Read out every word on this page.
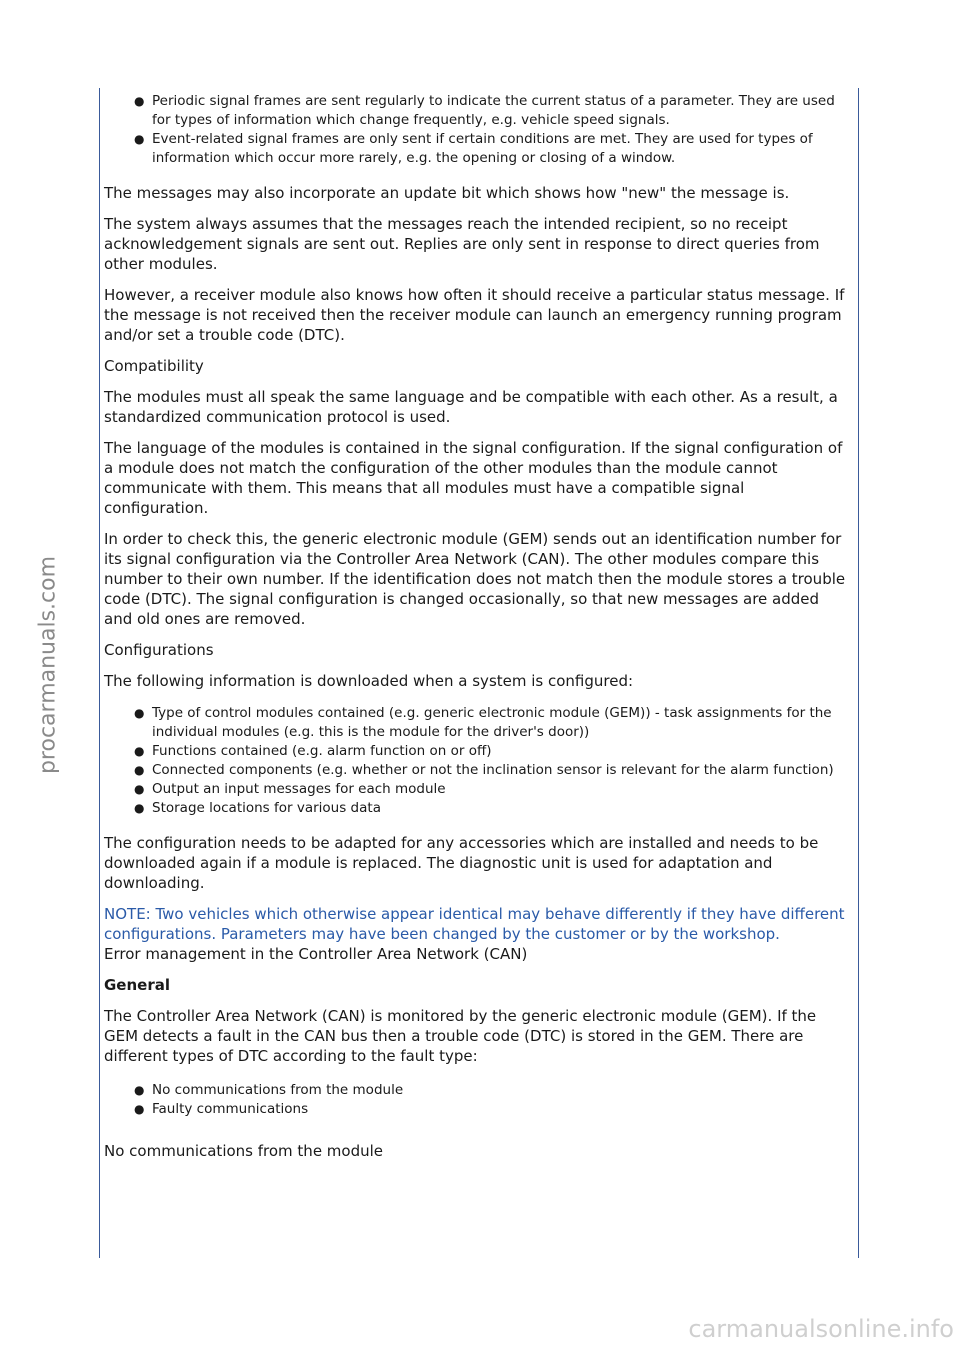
procarmanuals.com
● Periodic signal frames are sent regularly to indicate the current status of a parameter. They are used for types of information which change frequently, e.g. vehicle speed signals.
● Event-related signal frames are only sent if certain conditions are met. They are used for types of information which occur more rarely, e.g. the opening or closing of a window.

The messages may also incorporate an update bit which shows how "new" the message is.

The system always assumes that the messages reach the intended recipient, so no receipt acknowledgement signals are sent out. Replies are only sent in response to direct queries from other modules.

However, a receiver module also knows how often it should receive a particular status message. If the message is not received then the receiver module can launch an emergency running program and/or set a trouble code (DTC).

Compatibility

The modules must all speak the same language and be compatible with each other. As a result, a standardized communication protocol is used.

The language of the modules is contained in the signal configuration. If the signal configuration of a module does not match the configuration of the other modules than the module cannot communicate with them. This means that all modules must have a compatible signal configuration.

In order to check this, the generic electronic module (GEM) sends out an identification number for its signal configuration via the Controller Area Network (CAN). The other modules compare this number to their own number. If the identification does not match then the module stores a trouble code (DTC). The signal configuration is changed occasionally, so that new messages are added and old ones are removed.

Configurations

The following information is downloaded when a system is configured:

● Type of control modules contained (e.g. generic electronic module (GEM)) - task assignments for the individual modules (e.g. this is the module for the driver's door))
● Functions contained (e.g. alarm function on or off)
● Connected components (e.g. whether or not the inclination sensor is relevant for the alarm function)
● Output an input messages for each module
● Storage locations for various data

The configuration needs to be adapted for any accessories which are installed and needs to be downloaded again if a module is replaced. The diagnostic unit is used for adaptation and downloading.

NOTE: Two vehicles which otherwise appear identical may behave differently if they have different configurations. Parameters may have been changed by the customer or by the workshop.

Error management in the Controller Area Network (CAN)

General

The Controller Area Network (CAN) is monitored by the generic electronic module (GEM). If the GEM detects a fault in the CAN bus then a trouble code (DTC) is stored in the GEM. There are different types of DTC according to the fault type:

● No communications from the module
● Faulty communications

No communications from the module

carmanualsonline.info
